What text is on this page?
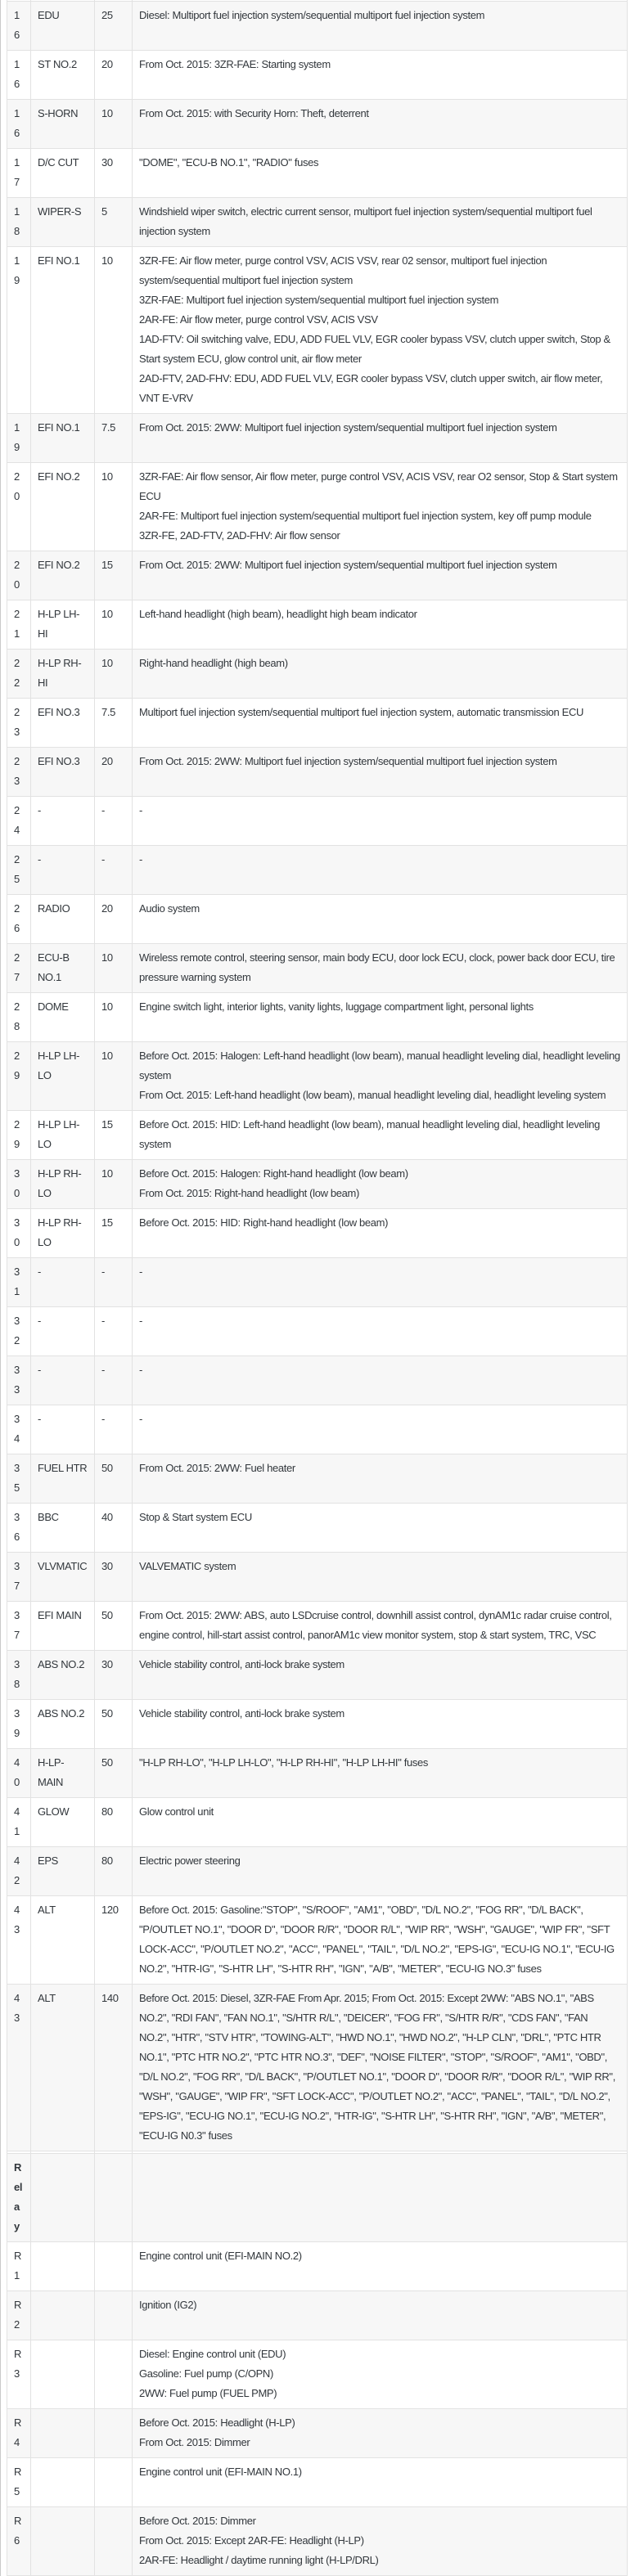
16	EDU	25	Diesel: Multiport fuel injection system/sequential multiport fuel injection system

16	ST NO.2	20	From Oct. 2015: 3ZR-FAE: Starting system

16	S-HORN	10	From Oct. 2015: with Security Horn: Theft, deterrent

17	D/C CUT	30	"DOME", "ECU-B NO.1", "RADIO" fuses

18	WIPER-S	5	Windshield wiper switch, electric current sensor, multiport fuel injection system/sequential multiport fuel injection system

19	EFI NO.1	10	3ZR-FE: Air flow meter, purge control VSV, ACIS VSV, rear 02 sensor, multiport fuel injection system/sequential multiport fuel injection system
3ZR-FAE: Multiport fuel injection system/sequential multiport fuel injection system
2AR-FE: Air flow meter, purge control VSV, ACIS VSV
1AD-FTV: Oil switching valve, EDU, ADD FUEL VLV, EGR cooler bypass VSV, clutch upper switch, Stop & Start system ECU, glow control unit, air flow meter
2AD-FTV, 2AD-FHV: EDU, ADD FUEL VLV, EGR cooler bypass VSV, clutch upper switch, air flow meter, VNT E-VRV

19	EFI NO.1	7.5	From Oct. 2015: 2WW: Multiport fuel injection system/sequential multiport fuel injection system

20	EFI NO.2	10	3ZR-FAE: Air flow sensor, Air flow meter, purge control VSV, ACIS VSV, rear O2 sensor, Stop & Start system ECU
2AR-FE: Multiport fuel injection system/sequential multiport fuel injection system, key off pump module
3ZR-FE, 2AD-FTV, 2AD-FHV: Air flow sensor

20	EFI NO.2	15	From Oct. 2015: 2WW: Multiport fuel injection system/sequential multiport fuel injection system

21	H-LP LH-HI	10	Left-hand headlight (high beam), headlight high beam indicator

22	H-LP RH-HI	10	Right-hand headlight (high beam)

23	EFI NO.3	7.5	Multiport fuel injection system/sequential multiport fuel injection system, automatic transmission ECU

23	EFI NO.3	20	From Oct. 2015: 2WW: Multiport fuel injection system/sequential multiport fuel injection system

24	-	-	-

25	-	-	-

26	RADIO	20	Audio system

27	ECU-B NO.1	10	Wireless remote control, steering sensor, main body ECU, door lock ECU, clock, power back door ECU, tire pressure warning system

28	DOME	10	Engine switch light, interior lights, vanity lights, luggage compartment light, personal lights

29	H-LP LH-LO	10	Before Oct. 2015: Halogen: Left-hand headlight (low beam), manual headlight leveling dial, headlight leveling system
From Oct. 2015: Left-hand headlight (low beam), manual headlight leveling dial, headlight leveling system

29	H-LP LH-LO	15	Before Oct. 2015: HID: Left-hand headlight (low beam), manual headlight leveling dial, headlight leveling system

30	H-LP RH-LO	10	Before Oct. 2015: Halogen: Right-hand headlight (low beam)
From Oct. 2015: Right-hand headlight (low beam)

30	H-LP RH-LO	15	Before Oct. 2015: HID: Right-hand headlight (low beam)

31	-	-	-

32	-	-	-

33	-	-	-

34	-	-	-

35	FUEL HTR	50	From Oct. 2015: 2WW: Fuel heater

36	BBC	40	Stop & Start system ECU

37	VLVMATIC	30	VALVEMATIC system

37	EFI MAIN	50	From Oct. 2015: 2WW: ABS, auto LSDcruise control, downhill assist control, dynAM1c radar cruise control, engine control, hill-start assist control, panorAM1c view monitor system, stop & start system, TRC, VSC

38	ABS NO.2	30	Vehicle stability control, anti-lock brake system

39	ABS NO.2	50	Vehicle stability control, anti-lock brake system

40	H-LP-MAIN	50	"H-LP RH-LO", "H-LP LH-LO", "H-LP RH-HI", "H-LP LH-HI" fuses

41	GLOW	80	Glow control unit

42	EPS	80	Electric power steering

43	ALT	120	Before Oct. 2015: Gasoline:"STOP", "S/ROOF", "AM1", "OBD", "D/L NO.2", "FOG RR", "D/L BACK", "P/OUTLET NO.1", "DOOR D", "DOOR R/R", "DOOR R/L", "WIP RR", "WSH", "GAUGE", "WIP FR", "SFT LOCK-ACC", "P/OUTLET NO.2", "ACC", "PANEL", "TAIL", "D/L NO.2", "EPS-IG", "ECU-IG NO.1", "ECU-IG NO.2", "HTR-IG", "S-HTR LH", "S-HTR RH", "IGN", "A/B", "METER", "ECU-IG NO.3" fuses

43	ALT	140	Before Oct. 2015: Diesel, 3ZR-FAE From Apr. 2015; From Oct. 2015: Except 2WW: "ABS NO.1", "ABS NO.2", "RDI FAN", "FAN NO.1", "S/HTR R/L", "DEICER", "FOG FR", "S/HTR R/R", "CDS FAN", "FAN NO.2", "HTR", "STV HTR", "TOWING-ALT", "HWD NO.1", "HWD NO.2", "H-LP CLN", "DRL", "PTC HTR NO.1", "PTC HTR NO.2", "PTC HTR NO.3", "DEF", "NOISE FILTER", "STOP", "S/ROOF", "AM1", "OBD", "D/L NO.2", "FOG RR", "D/L BACK", "P/OUTLET NO.1", "DOOR D", "DOOR R/R", "DOOR R/L", "WIP RR", "WSH", "GAUGE", "WIP FR", "SFT LOCK-ACC", "P/OUTLET NO.2", "ACC", "PANEL", "TAIL", "D/L NO.2", "EPS-IG", "ECU-IG NO.1", "ECU-IG NO.2", "HTR-IG", "S-HTR LH", "S-HTR RH", "IGN", "A/B", "METER", "ECU-IG N0.3" fuses

Relay			
R1			Engine control unit (EFI-MAIN NO.2)

R2			Ignition (IG2)

R3			Diesel: Engine control unit (EDU)
Gasoline: Fuel pump (C/OPN)
2WW: Fuel pump (FUEL PMP)

R4			Before Oct. 2015: Headlight (H-LP)
From Oct. 2015: Dimmer

R5			Engine control unit (EFI-MAIN NO.1)

R6			Before Oct. 2015: Dimmer
From Oct. 2015: Except 2AR-FE: Headlight (H-LP)
2AR-FE: Headlight / daytime running light (H-LP/DRL)
